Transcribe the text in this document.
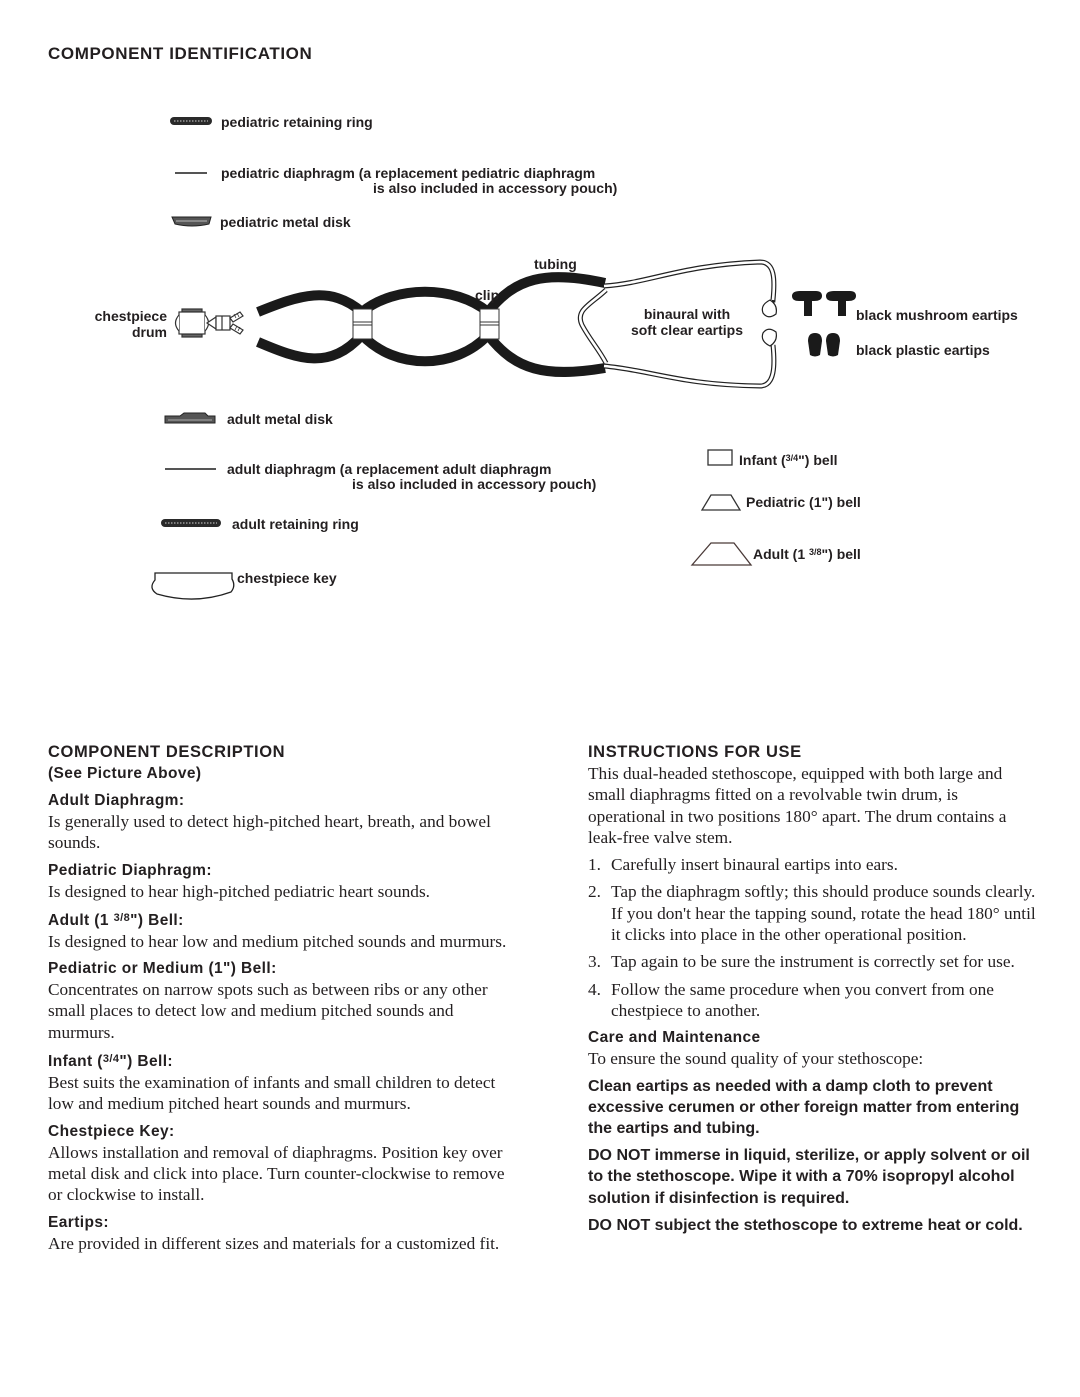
COMPONENT IDENTIFICATION
pediatric retaining ring
pediatric diaphragm (a replacement pediatric diaphragm
is also included in accessory pouch)
pediatric metal disk
tubing
clip
chestpiece
drum
binaural with
soft clear eartips
black mushroom eartips
black plastic eartips
adult metal disk
adult diaphragm (a replacement adult diaphragm
is also included in accessory pouch)
adult retaining ring
chestpiece key
Infant ($^{3/4}$") bell
Pediatric (1") bell
Adult (1 $^{3/8}$") bell
COMPONENT DESCRIPTION
(See Picture Above)
Adult Diaphragm:

Is generally used to detect high-pitched heart, breath, and bowel sounds.

Pediatric Diaphragm:

Is designed to hear high-pitched pediatric heart sounds.

Adult (1 $^{3/8}$") Bell:

Is designed to hear low and medium pitched sounds and murmurs.

Pediatric or Medium (1") Bell:

Concentrates on narrow spots such as between ribs or any other small places to detect low and medium pitched sounds and murmurs.

Infant ($^{3/4}$") Bell:

Best suits the examination of infants and small children to detect low and medium pitched heart sounds and murmurs.

Chestpiece Key:

Allows installation and removal of diaphragms. Position key over metal disk and click into place. Turn counter-clockwise to remove or clockwise to install.

Eartips:

Are provided in different sizes and materials for a customized fit.

INSTRUCTIONS FOR USE

This dual-headed stethoscope, equipped with both large and small diaphragms fitted on a revolvable twin drum, is operational in two positions 180° apart. The drum contains a leak-free valve stem.

1. Carefully insert binaural eartips into ears.
2. Tap the diaphragm softly; this should produce sounds clearly. If you don't hear the tapping sound, rotate the head 180° until it clicks into place in the other operational position.
3. Tap again to be sure the instrument is correctly set for use.
4. Follow the same procedure when you convert from one chestpiece to another.
Care and Maintenance

To ensure the sound quality of your stethoscope:

Clean eartips as needed with a damp cloth to prevent excessive cerumen or other foreign matter from entering the eartips and tubing.

DO NOT immerse in liquid, sterilize, or apply solvent or oil to the stethoscope. Wipe it with a 70% isopropyl alcohol solution if disinfection is required.

DO NOT subject the stethoscope to extreme heat or cold.
